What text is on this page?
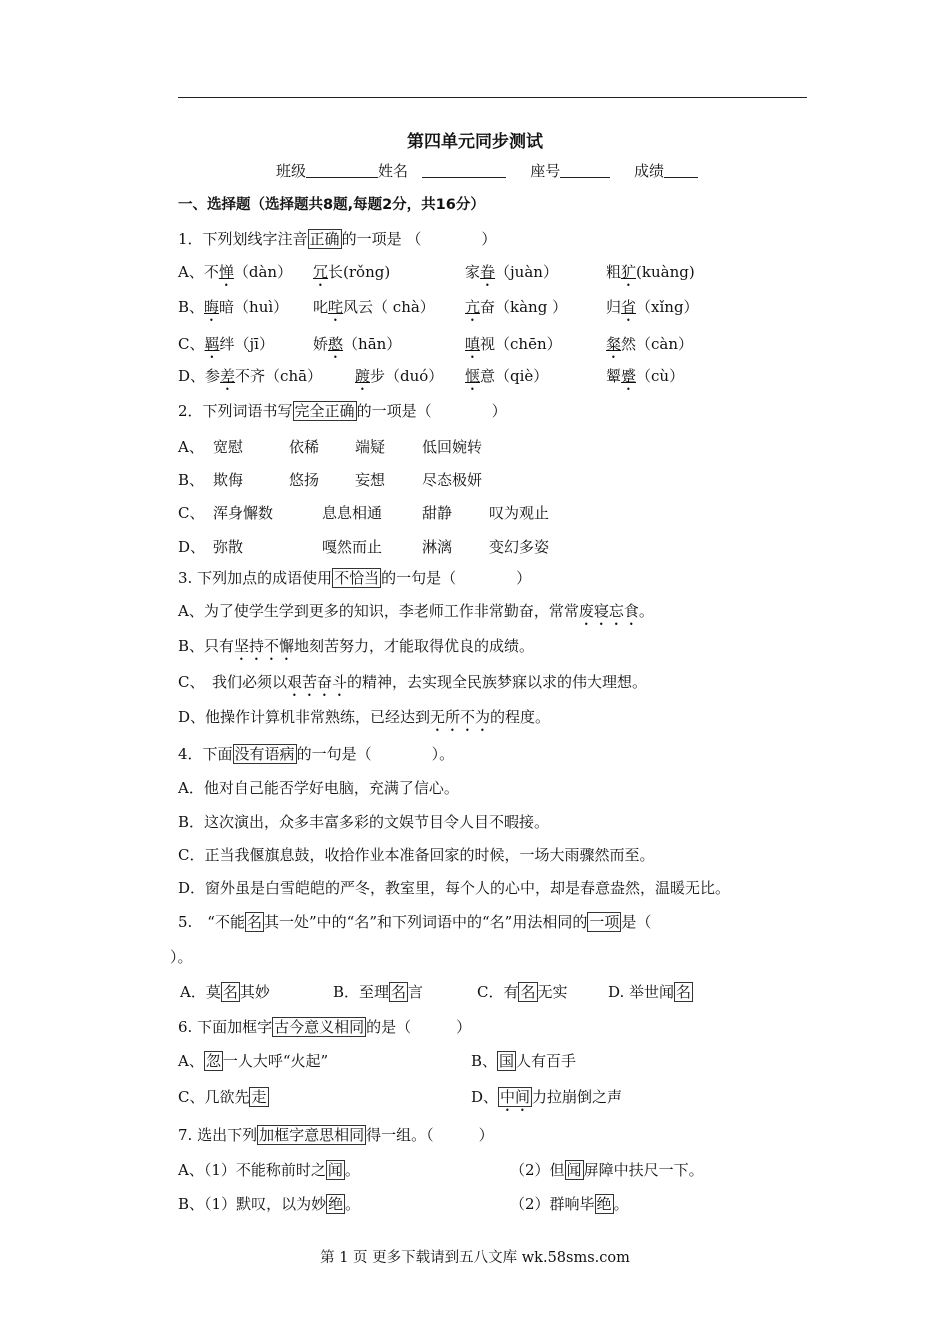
第四单元同步测试
班级	姓名	座号	成绩
一、选择题（选择题共8题,每题2分，共16分）
1．下列划线字注音 正确 的一项是 （　　　　）
A、不惮（dàn） 冗长(rǒng)	家眷（juàn）	粗犷(kuàng)
B、晦暗（huì） 叱咤风云（ chà） 亢奋（kàng ）	归省（xǐng）
C、羁绊（jī）	娇憨（hān）	嗔视（chēn）	粲然（càn）
D、参差不齐（chā） 踱步（duó） 惬意（qiè）	颦蹙（cù）
2．下列词语书写 完全正确 的一项是（　　　　）
A、 宽慰	依稀 端疑 低回婉转
B、 欺侮	悠扬 妄想 尽态极妍
C、 浑身懈数	息息相通	甜静 叹为观止
D、 弥散	嘎然而止	淋漓 变幻多姿
3. 下列加点的成语使用 不恰当 的一句是（　　　　）
A、为了使学生学到更多的知识，李老师工作非常勤奋，常常废寝忘食。
B、只有坚持不懈地刻苦努力，才能取得优良的成绩。
C、　我们必须以艰苦奋斗的精神，去实现全民族梦寐以求的伟大理想。
D、他操作计算机非常熟练，已经达到无所不为的程度。
4．下面 没有语病 的一句是（　　　　）。
A．他对自己能否学好电脑，充满了信心。
B．这次演出，众多丰富多彩的文娱节目令人目不暇接。
C．正当我偃旗息鼓，收拾作业本准备回家的时候，一场大雨骤然而至。
D．窗外虽是白雪皑皑的严冬，教室里，每个人的心中，却是春意盎然，温暖无比。
5.　“不能 名 其一处”中的“名”和下列词语中的“名”用法相同的 一项 是（
）。
A．莫 名 其妙	B．至理 名 言	C．有 名 无实	D. 举世闻 名
6. 下面加框字 古今意义相同 的是（　　　）
A、 忽 一人大呼“火起”	B、 国 人有百手
C、几欲先 走	D、 中间 力拉崩倒之声
7. 选出下列 加框字意思相同 得一组。（　　　）
A、（1）不能称前时之 闻 。	（2）但 闻 屏障中扶尺一下。
B、（1）默叹，以为妙 绝 。	（2）群响毕 绝 。
第 1 页 更多下载请到五八文库 wk.58sms.com
